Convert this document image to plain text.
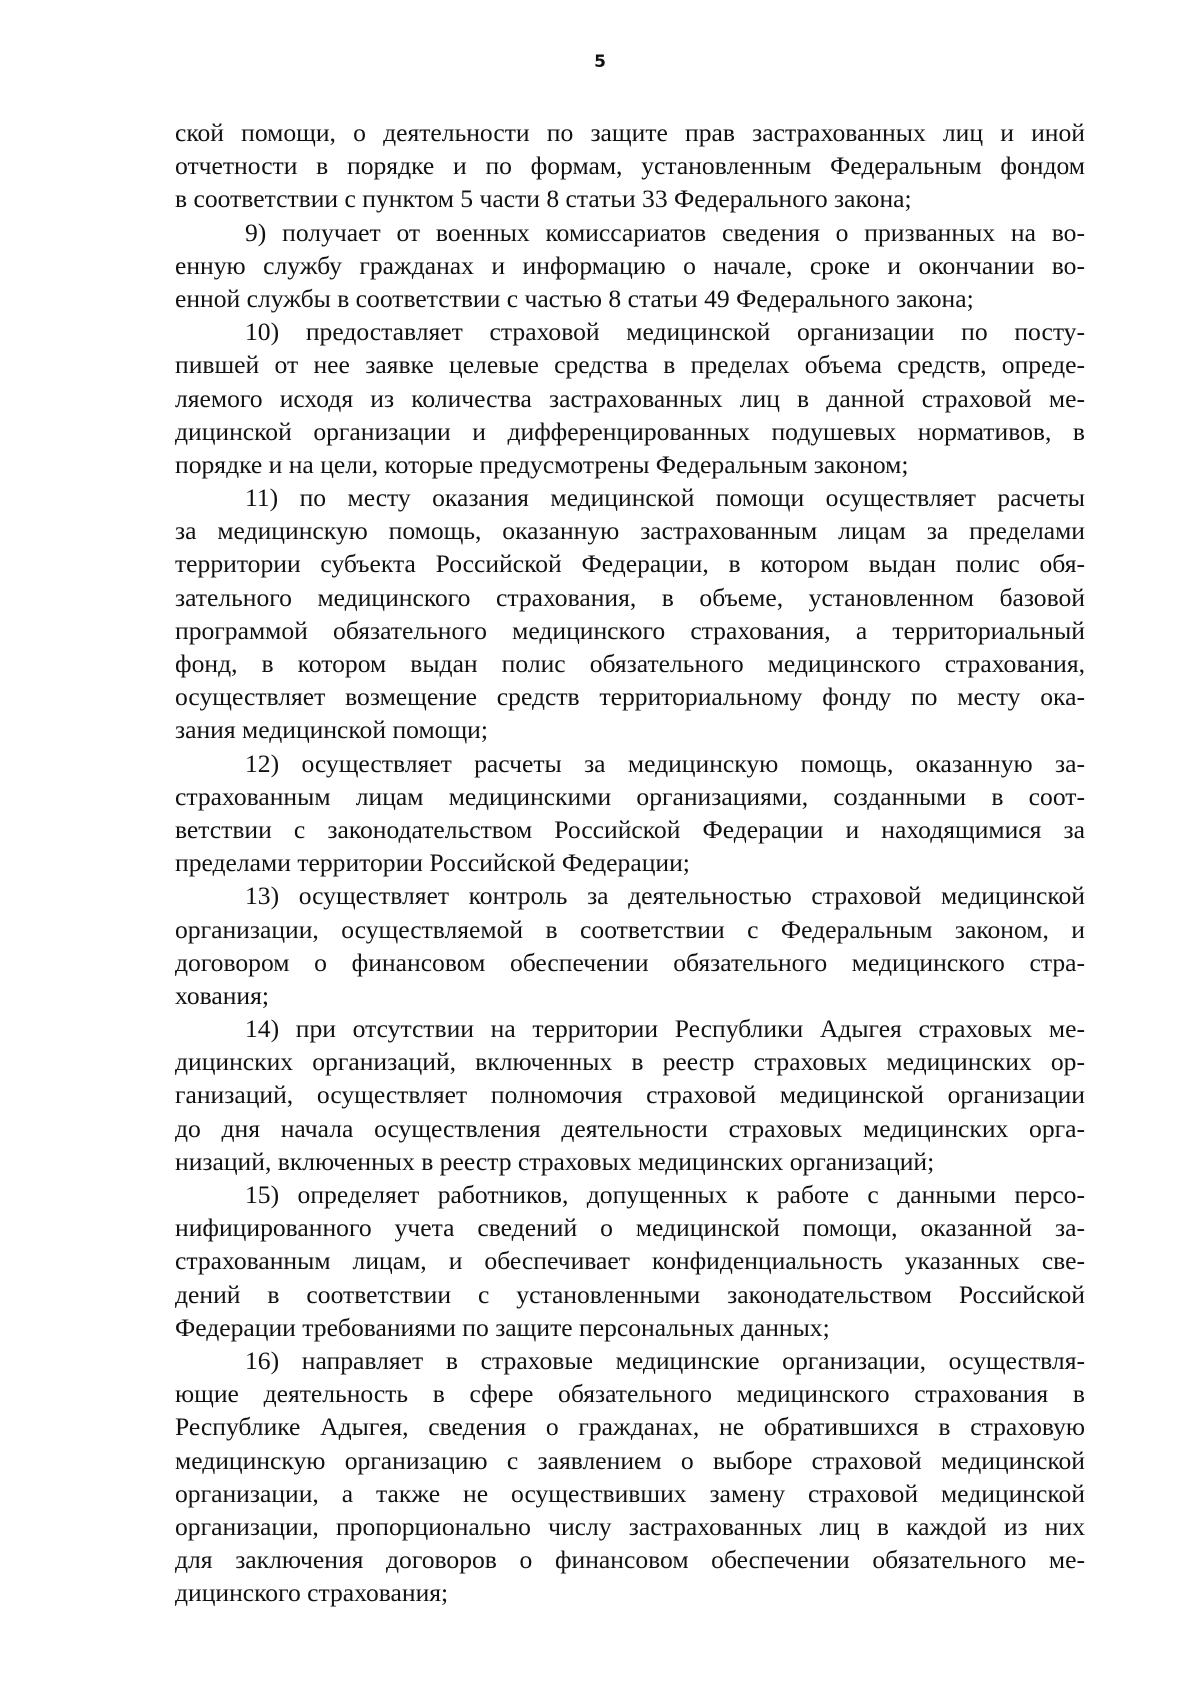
5
ской помощи, о деятельности по защите прав застрахованных лиц и иной
отчетности в порядке и по формам, установленным Федеральным фондом
в соответствии с пунктом 5 части 8 статьи 33 Федерального закона;
9) получает от военных комиссариатов сведения о призванных на во-
енную службу гражданах и информацию о начале, сроке и окончании во-
енной службы в соответствии с частью 8 статьи 49 Федерального закона;
10) предоставляет страховой медицинской организации по посту-
пившей от нее заявке целевые средства в пределах объема средств, опреде-
ляемого исходя из количества застрахованных лиц в данной страховой ме-
дицинской организации и дифференцированных подушевых нормативов, в
порядке и на цели, которые предусмотрены Федеральным законом;
11) по месту оказания медицинской помощи осуществляет расчеты
за медицинскую помощь, оказанную застрахованным лицам за пределами
территории субъекта Российской Федерации, в котором выдан полис обя-
зательного медицинского страхования, в объеме, установленном базовой
программой обязательного медицинского страхования, а территориальный
фонд, в котором выдан полис обязательного медицинского страхования,
осуществляет возмещение средств территориальному фонду по месту ока-
зания медицинской помощи;
12) осуществляет расчеты за медицинскую помощь, оказанную за-
страхованным лицам медицинскими организациями, созданными в соот-
ветствии с законодательством Российской Федерации и находящимися за
пределами территории Российской Федерации;
13) осуществляет контроль за деятельностью страховой медицинской
организации, осуществляемой в соответствии с Федеральным законом, и
договором о финансовом обеспечении обязательного медицинского стра-
хования;
14) при отсутствии на территории Республики Адыгея страховых ме-
дицинских организаций, включенных в реестр страховых медицинских ор-
ганизаций, осуществляет полномочия страховой медицинской организации
до дня начала осуществления деятельности страховых медицинских орга-
низаций, включенных в реестр страховых медицинских организаций;
15) определяет работников, допущенных к работе с данными персо-
нифицированного учета сведений о медицинской помощи, оказанной за-
страхованным лицам, и обеспечивает конфиденциальность указанных све-
дений в соответствии с установленными законодательством Российской
Федерации требованиями по защите персональных данных;
16) направляет в страховые медицинские организации, осуществля-
ющие деятельность в сфере обязательного медицинского страхования в
Республике Адыгея, сведения о гражданах, не обратившихся в страховую
медицинскую организацию с заявлением о выборе страховой медицинской
организации, а также не осуществивших замену страховой медицинской
организации, пропорционально числу застрахованных лиц в каждой из них
для заключения договоров о финансовом обеспечении обязательного ме-
дицинского страхования;
